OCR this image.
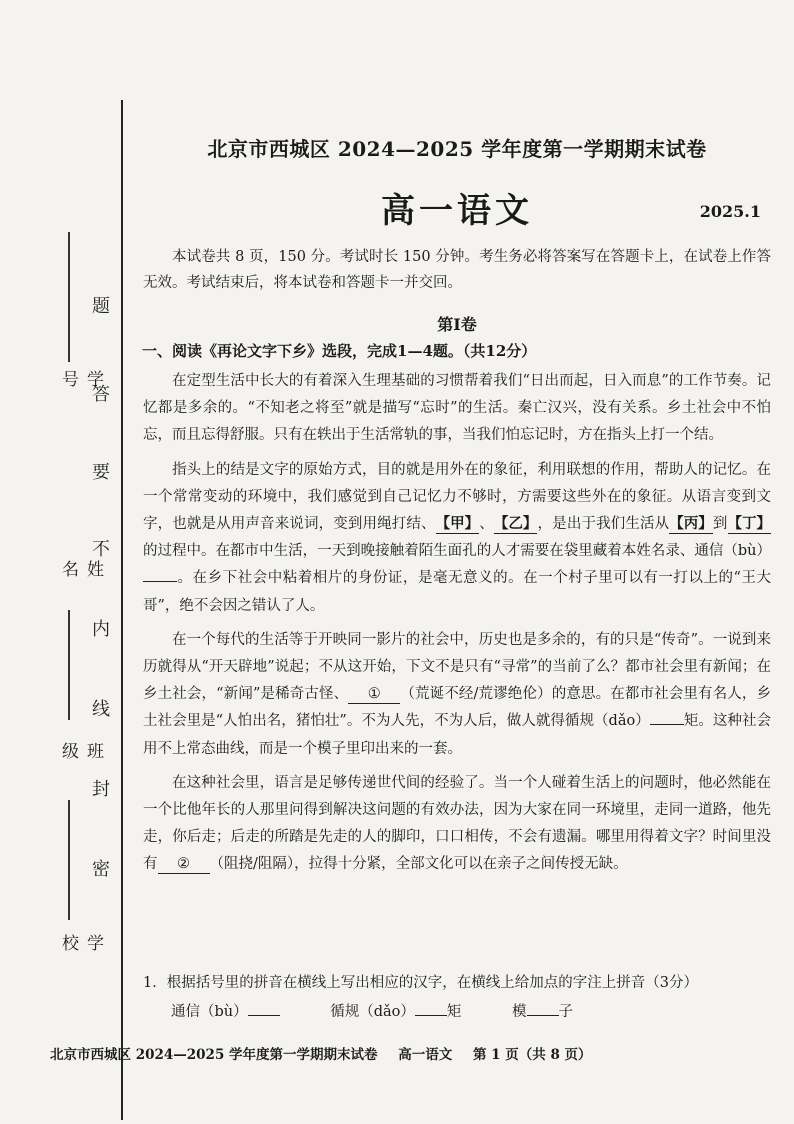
学号
姓名
班级
学校
题
答
要
不
内
线
封
密
北京市西城区 2024—2025 学年度第一学期期末试卷
高一语文	2025.1

本试卷共 8 页，150 分。考试时长 150 分钟。考生务必将答案写在答题卡上，在试卷上作答无效。考试结束后，将本试卷和答题卡一并交回。

第Ⅰ卷
一、阅读《再论文字下乡》选段，完成1—4题。（共12分）

在定型生活中长大的有着深入生理基础的习惯帮着我们“日出而起，日入而息”的工作节奏。记忆都是多余的。“不知老之将至”就是描写“忘时”的生活。秦亡汉兴，没有关系。乡土社会中不怕忘，而且忘得舒服。只有在轶出于生活常轨的事，当我们怕忘记时，方在指头上打一个结。

指头上的结是文字的原始方式，目的就是用外在的象征，利用联想的作用，帮助人的记忆。在一个常常变动的环境中，我们感觉到自己记忆力不够时，方需要这些外在的象征。从语言变到文字，也就是从用声音来说词，变到用绳打结、【甲】、【乙】，是出于我们生活从【丙】到【丁】的过程中。在都市中生活，一天到晚接触着陌生面孔的人才需要在袋里藏着本姓名录、通信（bù）。在乡下社会中粘着相片的身份证，是毫无意义的。在一个村子里可以有一打以上的“王大哥”，绝不会因之错认了人。

在一个每代的生活等于开映同一影片的社会中，历史也是多余的，有的只是“传奇”。一说到来历就得从“开天辟地”说起；不从这开始，下文不是只有“寻常”的当前了么？都市社会里有新闻；在乡土社会，“新闻”是稀奇古怪、 ① （荒诞不经/荒谬绝伦）的意思。在都市社会里有名人，乡土社会里是“人怕出名，猪怕壮”。不为人先，不为人后，做人就得循规（dǎo） 矩。这种社会用不上常态曲线，而是一个模子里印出来的一套。

在这种社会里，语言是足够传递世代间的经验了。当一个人碰着生活上的问题时，他必然能在一个比他年长的人那里问得到解决这问题的有效办法，因为大家在同一环境里，走同一道路，他先走，你后走；后走的所踏是先走的人的脚印，口口相传，不会有遗漏。哪里用得着文字？时间里没有 ② （阻挠/阻隔），拉得十分紧，全部文化可以在亲子之间传授无缺。

1．根据括号里的拼音在横线上写出相应的汉字，在横线上给加点的字注上拼音（3分）
通信（bù）	循规（dǎo） 矩	模 子
北京市西城区 2024—2025 学年度第一学期期末试卷 高一语文 第 1 页（共 8 页）
